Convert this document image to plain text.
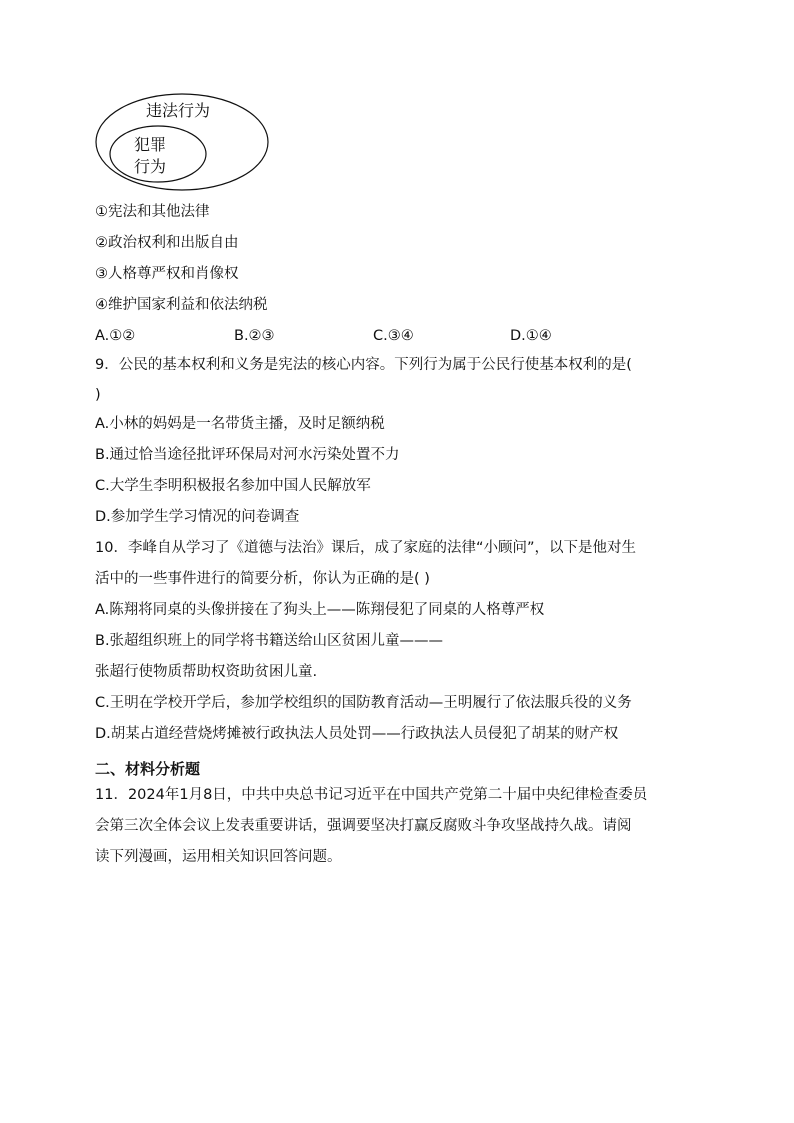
违法行为
犯罪
行为
①宪法和其他法律
②政治权利和出版自由
③人格尊严权和肖像权
④维护国家利益和依法纳税
A.①②	B.②③	C.③④	D.①④
9．公民的基本权利和义务是宪法的核心内容。下列行为属于公民行使基本权利的是(
)
A.小林的妈妈是一名带货主播，及时足额纳税
B.通过恰当途径批评环保局对河水污染处置不力
C.大学生李明积极报名参加中国人民解放军
D.参加学生学习情况的问卷调查
10．李峰自从学习了《道德与法治》课后，成了家庭的法律“小顾问”，以下是他对生
活中的一些事件进行的简要分析，你认为正确的是( )
A.陈翔将同桌的头像拼接在了狗头上——陈翔侵犯了同桌的人格尊严权
B.张超组织班上的同学将书籍送给山区贫困儿童———
张超行使物质帮助权资助贫困儿童.
C.王明在学校开学后，参加学校组织的国防教育活动—王明履行了依法服兵役的义务
D.胡某占道经营烧烤摊被行政执法人员处罚——行政执法人员侵犯了胡某的财产权
二、材料分析题
11．2024年1月8日，中共中央总书记习近平在中国共产党第二十届中央纪律检查委员
会第三次全体会议上发表重要讲话，强调要坚决打赢反腐败斗争攻坚战持久战。请阅
读下列漫画，运用相关知识回答问题。
